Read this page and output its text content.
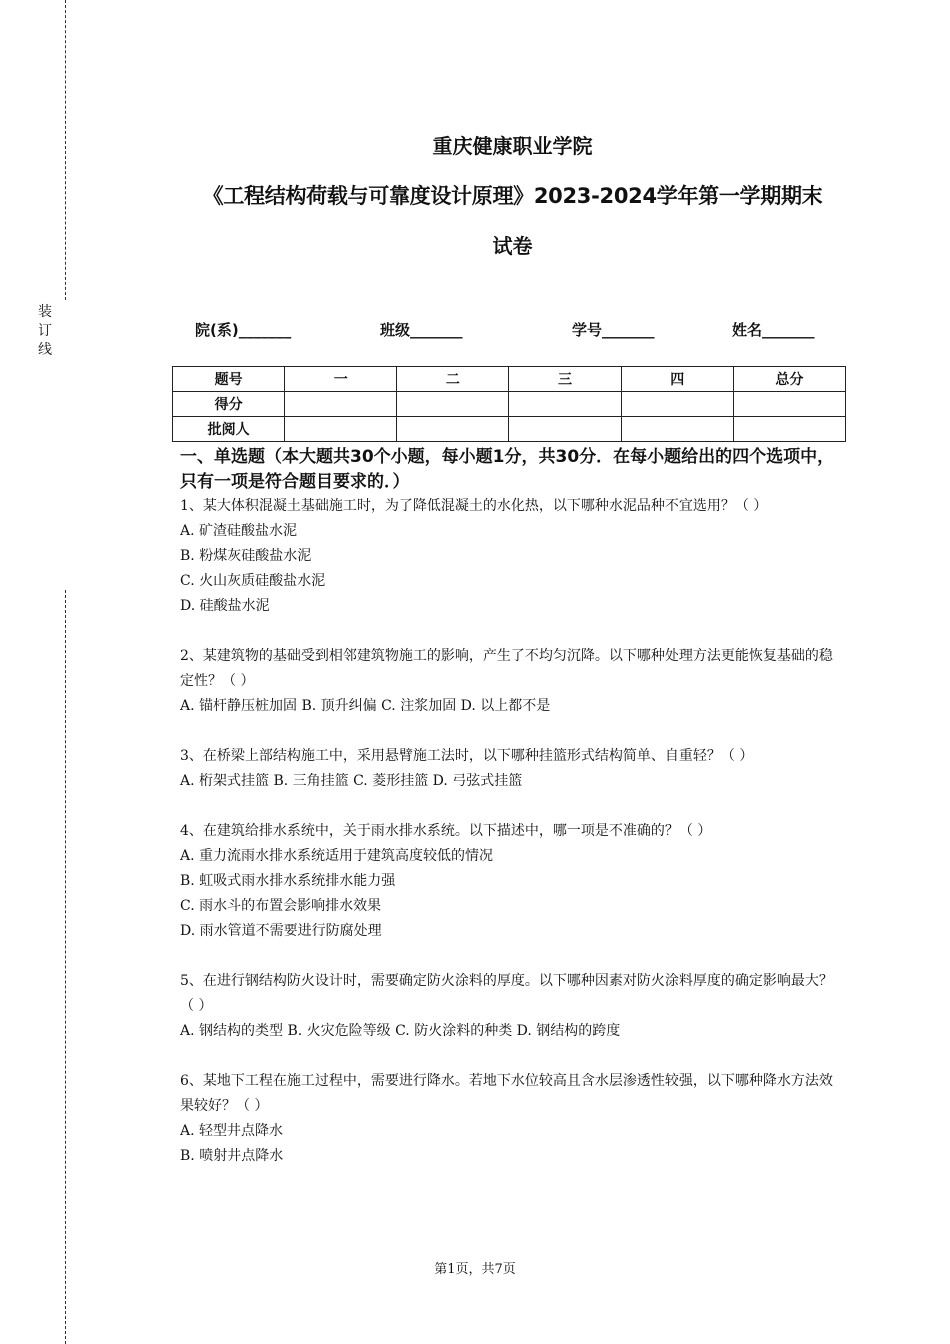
装订线
重庆健康职业学院
《工程结构荷载与可靠度设计原理》2023-2024学年第一学期期末
试卷
院(系)_______	班级_______	学号_______	姓名_______
题号	一	二	三	四	总分
得分					
批阅人					
一、单选题（本大题共30个小题，每小题1分，共30分．在每小题给出的四个选项中，只有一项是符合题目要求的．）

1、某大体积混凝土基础施工时，为了降低混凝土的水化热，以下哪种水泥品种不宜选用？（ ）

A. 矿渣硅酸盐水泥

B. 粉煤灰硅酸盐水泥

C. 火山灰质硅酸盐水泥

D. 硅酸盐水泥

2、某建筑物的基础受到相邻建筑物施工的影响，产生了不均匀沉降。以下哪种处理方法更能恢复基础的稳定性？（ ）

A. 锚杆静压桩加固 B. 顶升纠偏 C. 注浆加固 D. 以上都不是

3、在桥梁上部结构施工中，采用悬臂施工法时，以下哪种挂篮形式结构简单、自重轻？（ ）

A. 桁架式挂篮 B. 三角挂篮 C. 菱形挂篮 D. 弓弦式挂篮

4、在建筑给排水系统中，关于雨水排水系统。以下描述中，哪一项是不准确的？（ ）

A. 重力流雨水排水系统适用于建筑高度较低的情况

B. 虹吸式雨水排水系统排水能力强

C. 雨水斗的布置会影响排水效果

D. 雨水管道不需要进行防腐处理

5、在进行钢结构防火设计时，需要确定防火涂料的厚度。以下哪种因素对防火涂料厚度的确定影响最大？（ ）

A. 钢结构的类型 B. 火灾危险等级 C. 防火涂料的种类 D. 钢结构的跨度

6、某地下工程在施工过程中，需要进行降水。若地下水位较高且含水层渗透性较强，以下哪种降水方法效果较好？（ ）

A. 轻型井点降水

B. 喷射井点降水

第1页，共7页
